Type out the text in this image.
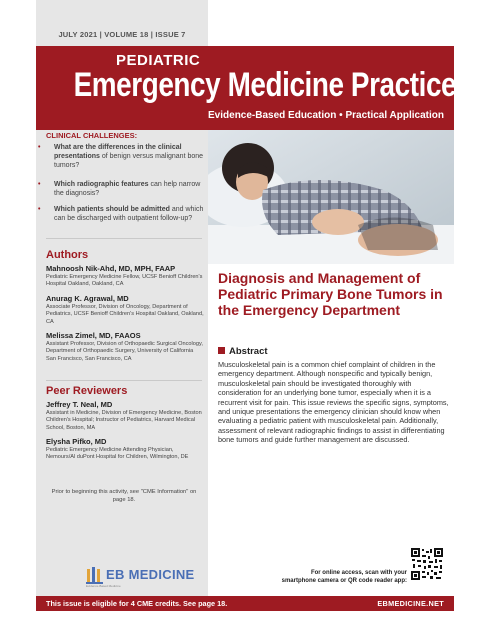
JULY 2021 | VOLUME 18 | ISSUE 7
PEDIATRIC
Emergency Medicine Practice
Evidence-Based Education • Practical Application
CLINICAL CHALLENGES:
• What are the differences in the clinical presentations of benign versus malignant bone tumors?
• Which radiographic features can help narrow the diagnosis?
• Which patients should be admitted and which can be discharged with outpatient follow-up?
Authors
Mahnoosh Nik-Ahd, MD, MPH, FAAP
Pediatric Emergency Medicine Fellow, UCSF Benioff Children's Hospital Oakland, Oakland, CA
Anurag K. Agrawal, MD
Associate Professor, Division of Oncology, Department of Pediatrics, UCSF Benioff Children's Hospital Oakland, Oakland, CA
Melissa Zimel, MD, FAAOS
Assistant Professor, Division of Orthopaedic Surgical Oncology, Department of Orthopaedic Surgery, University of California San Francisco, San Francisco, CA
Peer Reviewers
Jeffrey T. Neal, MD
Assistant in Medicine, Division of Emergency Medicine, Boston Children's Hospital; Instructor of Pediatrics, Harvard Medical School, Boston, MA
Elysha Pifko, MD
Pediatric Emergency Medicine Attending Physician, Nemours/Al duPont Hospital for Children, Wilmington, DE
Prior to beginning this activity, see "CME Information" on page 18.
EB MEDICINE
Evidence-Based Medicine
Diagnosis and Management of Pediatric Primary Bone Tumors in the Emergency Department
Abstract
Musculoskeletal pain is a common chief complaint of children in the emergency department. Although nonspecific and typically benign, musculoskeletal pain should be investigated thoroughly with consideration for an underlying bone tumor, especially when it is a recurrent visit for pain. This issue reviews the specific signs, symptoms, and unique presentations the emergency clinician should know when evaluating a pediatric patient with musculoskeletal pain. Additionally, assessment of relevant radiographic findings to assist in differentiating bone tumors and guide further management are discussed.
For online access, scan with your
smartphone camera or QR code reader app:
This issue is eligible for 4 CME credits. See page 18.	EBMEDICINE.NET
